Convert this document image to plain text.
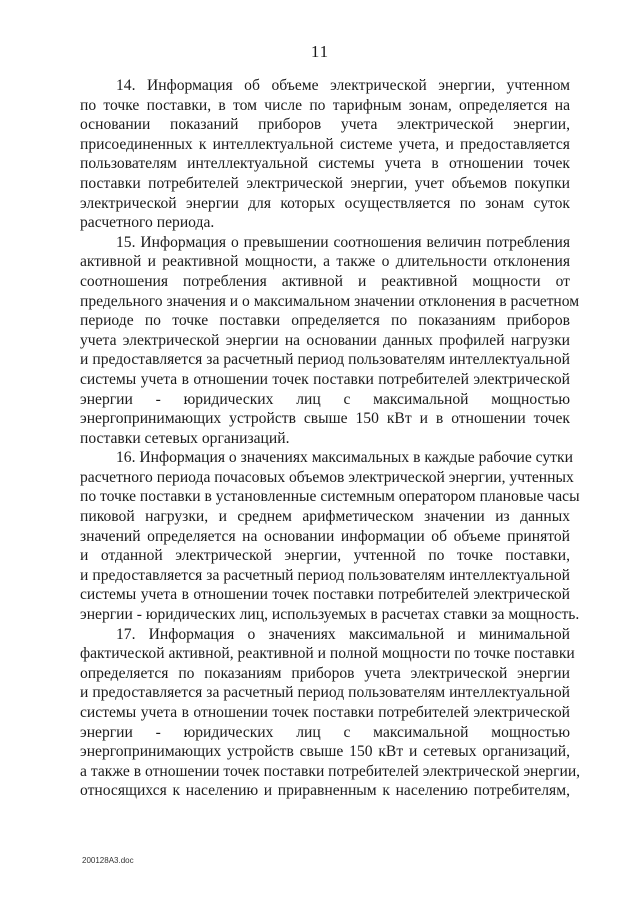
11

14. Информация об объеме электрической энергии, учтенном
по точке поставки, в том числе по тарифным зонам, определяется на
основании показаний приборов учета электрической энергии,
присоединенных к интеллектуальной системе учета, и предоставляется
пользователям интеллектуальной системы учета в отношении точек
поставки потребителей электрической энергии, учет объемов покупки
электрической энергии для которых осуществляется по зонам суток
расчетного периода.

15. Информация о превышении соотношения величин потребления
активной и реактивной мощности, а также о длительности отклонения
соотношения потребления активной и реактивной мощности от
предельного значения и о максимальном значении отклонения в расчетном
периоде по точке поставки определяется по показаниям приборов
учета электрической энергии на основании данных профилей нагрузки
и предоставляется за расчетный период пользователям интеллектуальной
системы учета в отношении точек поставки потребителей электрической
энергии - юридических лиц с максимальной мощностью
энергопринимающих устройств свыше 150 кВт и в отношении точек
поставки сетевых организаций.

16. Информация о значениях максимальных в каждые рабочие сутки
расчетного периода почасовых объемов электрической энергии, учтенных
по точке поставки в установленные системным оператором плановые часы
пиковой нагрузки, и среднем арифметическом значении из данных
значений определяется на основании информации об объеме принятой
и отданной электрической энергии, учтенной по точке поставки,
и предоставляется за расчетный период пользователям интеллектуальной
системы учета в отношении точек поставки потребителей электрической
энергии - юридических лиц, используемых в расчетах ставки за мощность.

17. Информация о значениях максимальной и минимальной
фактической активной, реактивной и полной мощности по точке поставки
определяется по показаниям приборов учета электрической энергии
и предоставляется за расчетный период пользователям интеллектуальной
системы учета в отношении точек поставки потребителей электрической
энергии - юридических лиц с максимальной мощностью
энергопринимающих устройств свыше 150 кВт и сетевых организаций,
а также в отношении точек поставки потребителей электрической энергии,
относящихся к населению и приравненным к населению потребителям,

200128А3.doc
